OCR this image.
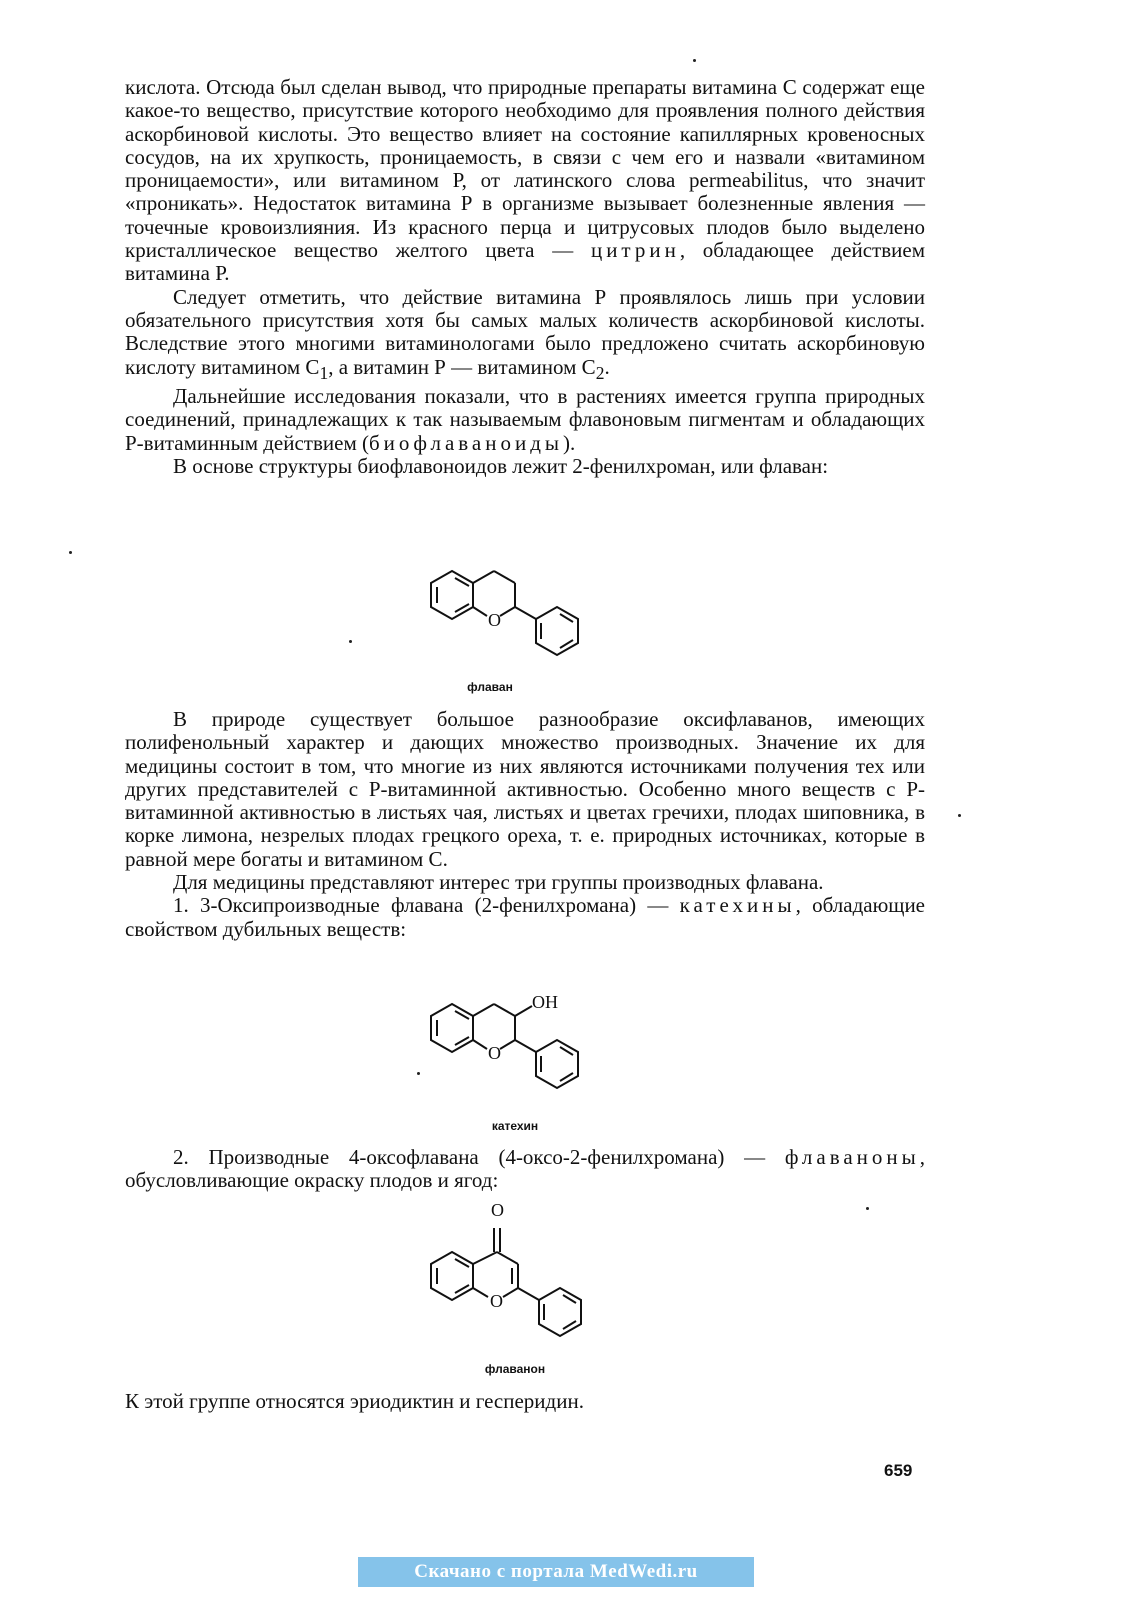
кислота. Отсюда был сделан вывод, что природные препараты витамина С содержат еще какое-то вещество, присутствие которого необходимо для проявления полного действия аскорбиновой кислоты. Это вещество влияет на состояние капиллярных кровеносных сосудов, на их хрупкость, проницаемость, в связи с чем его и назвали «витамином проницаемости», или витамином Р, от латинского слова permeabilitus, что значит «проникать». Недостаток витамина Р в организме вызывает болезненные явления — точечные кровоизлияния. Из красного перца и цитрусовых плодов было выделено кристаллическое вещество желтого цвета — цитрин, обладающее действием витамина Р.

Следует отметить, что действие витамина Р проявлялось лишь при условии обязательного присутствия хотя бы самых малых количеств аскорбиновой кислоты. Вследствие этого многими витаминологами было предложено считать аскорбиновую кислоту витамином $С_1$, а витамин Р — витамином $С_2$.

Дальнейшие исследования показали, что в растениях имеется группа природных соединений, принадлежащих к так называемым флавоновым пигментам и обладающих Р-витаминным действием (биофлаваноиды).

В основе структуры биофлавоноидов лежит 2-фенилхроман, или флаван:

O
флаван

В природе существует большое разнообразие оксифлаванов, имеющих полифенольный характер и дающих множество производных. Значение их для медицины состоит в том, что многие из них являются источниками получения тех или других представителей с Р-витаминной активностью. Особенно много веществ с Р-витаминной активностью в листьях чая, листьях и цветах гречихи, плодах шиповника, в корке лимона, незрелых плодах грецкого ореха, т. е. природных источниках, которые в равной мере богаты и витамином С.

Для медицины представляют интерес три группы производных флавана.

1. 3-Оксипроизводные флавана (2-фенилхромана) — катехины, обладающие свойством дубильных веществ:

OH
O
катехин

2. Производные 4-оксофлавана (4-оксо-2-фенилхромана) — флаваноны, обусловливающие окраску плодов и ягод:

O
O
флаванон

К этой группе относятся эриодиктин и гесперидин.

659
Скачано с портала MedWedi.ru
